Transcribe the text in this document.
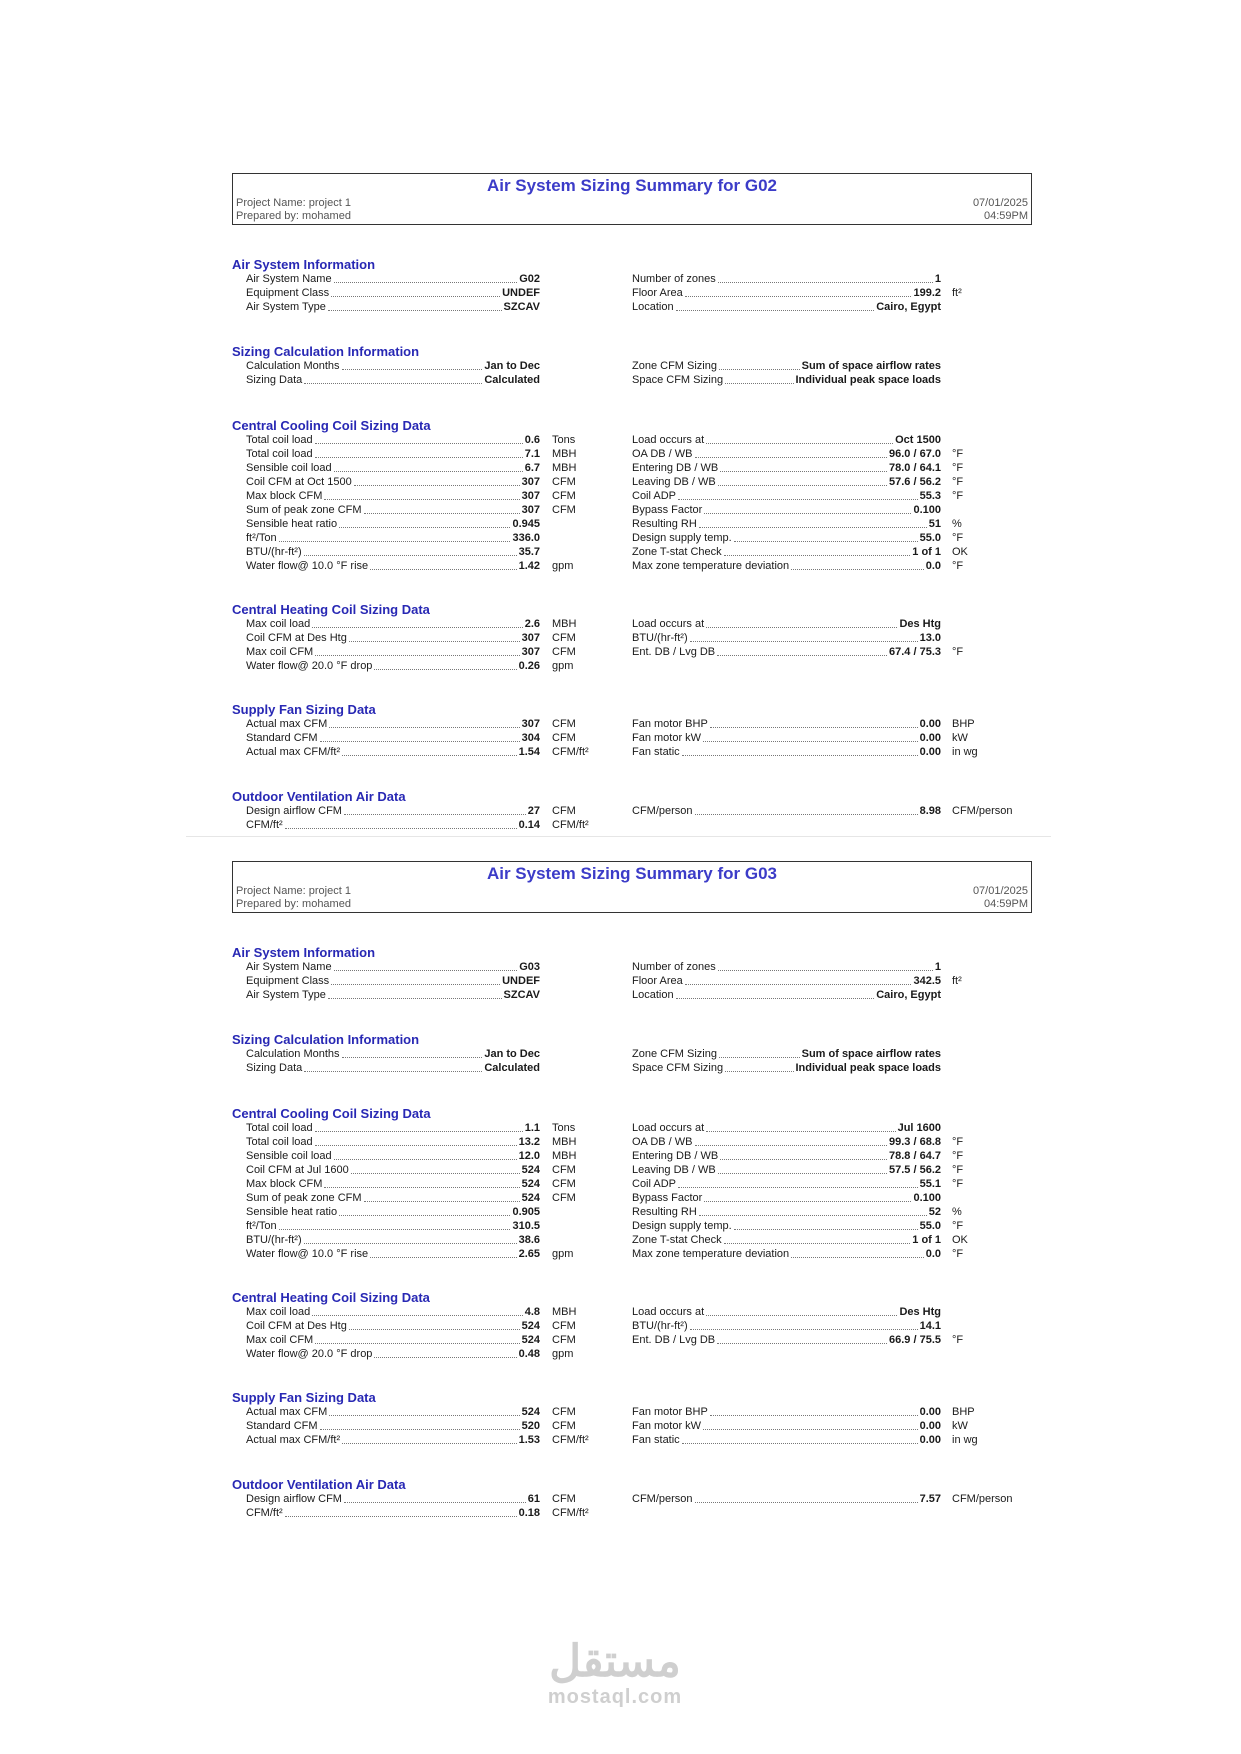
Air System Sizing Summary for G02
Project Name: project 1
Prepared by: mohamed
07/01/2025
04:59PM
Air System Information
Air System Name	G02
Equipment Class	UNDEF
Air System Type	SZCAV
Number of zones	1
Floor Area	199.2 ft²
Location	Cairo, Egypt
Sizing Calculation Information
Calculation Months	Jan to Dec
Sizing Data	Calculated
Zone CFM Sizing	Sum of space airflow rates
Space CFM Sizing	Individual peak space loads
Central Cooling Coil Sizing Data
Total coil load	0.6 Tons
Total coil load	7.1 MBH
Sensible coil load	6.7 MBH
Coil CFM at Oct 1500	307 CFM
Max block CFM	307 CFM
Sum of peak zone CFM	307 CFM
Sensible heat ratio	0.945
ft²/Ton	336.0
BTU/(hr-ft²)	35.7
Water flow@ 10.0 °F rise	1.42 gpm
Load occurs at	Oct 1500
OA DB / WB	96.0 / 67.0 °F
Entering DB / WB	78.0 / 64.1 °F
Leaving DB / WB	57.6 / 56.2 °F
Coil ADP	55.3 °F
Bypass Factor	0.100
Resulting RH	51 %
Design supply temp.	55.0 °F
Zone T-stat Check	1 of 1 OK
Max zone temperature deviation	0.0 °F
Central Heating Coil Sizing Data
Max coil load	2.6 MBH
Coil CFM at Des Htg	307 CFM
Max coil CFM	307 CFM
Water flow@ 20.0 °F drop	0.26 gpm
Load occurs at	Des Htg
BTU/(hr-ft²)	13.0
Ent. DB / Lvg DB	67.4 / 75.3 °F
Supply Fan Sizing Data
Actual max CFM	307 CFM
Standard CFM	304 CFM
Actual max CFM/ft²	1.54 CFM/ft²
Fan motor BHP	0.00 BHP
Fan motor kW	0.00 kW
Fan static	0.00 in wg
Outdoor Ventilation Air Data
Design airflow CFM	27 CFM
CFM/ft²	0.14 CFM/ft²
CFM/person	8.98 CFM/person
Air System Sizing Summary for G03
Project Name: project 1
Prepared by: mohamed
07/01/2025
04:59PM
Air System Information
Air System Name	G03
Equipment Class	UNDEF
Air System Type	SZCAV
Number of zones	1
Floor Area	342.5 ft²
Location	Cairo, Egypt
Sizing Calculation Information
Calculation Months	Jan to Dec
Sizing Data	Calculated
Zone CFM Sizing	Sum of space airflow rates
Space CFM Sizing	Individual peak space loads
Central Cooling Coil Sizing Data
Total coil load	1.1 Tons
Total coil load	13.2 MBH
Sensible coil load	12.0 MBH
Coil CFM at Jul 1600	524 CFM
Max block CFM	524 CFM
Sum of peak zone CFM	524 CFM
Sensible heat ratio	0.905
ft²/Ton	310.5
BTU/(hr-ft²)	38.6
Water flow@ 10.0 °F rise	2.65 gpm
Load occurs at	Jul 1600
OA DB / WB	99.3 / 68.8 °F
Entering DB / WB	78.8 / 64.7 °F
Leaving DB / WB	57.5 / 56.2 °F
Coil ADP	55.1 °F
Bypass Factor	0.100
Resulting RH	52 %
Design supply temp.	55.0 °F
Zone T-stat Check	1 of 1 OK
Max zone temperature deviation	0.0 °F
Central Heating Coil Sizing Data
Max coil load	4.8 MBH
Coil CFM at Des Htg	524 CFM
Max coil CFM	524 CFM
Water flow@ 20.0 °F drop	0.48 gpm
Load occurs at	Des Htg
BTU/(hr-ft²)	14.1
Ent. DB / Lvg DB	66.9 / 75.5 °F
Supply Fan Sizing Data
Actual max CFM	524 CFM
Standard CFM	520 CFM
Actual max CFM/ft²	1.53 CFM/ft²
Fan motor BHP	0.00 BHP
Fan motor kW	0.00 kW
Fan static	0.00 in wg
Outdoor Ventilation Air Data
Design airflow CFM	61 CFM
CFM/ft²	0.18 CFM/ft²
CFM/person	7.57 CFM/person
مستقل
mostaql.com
